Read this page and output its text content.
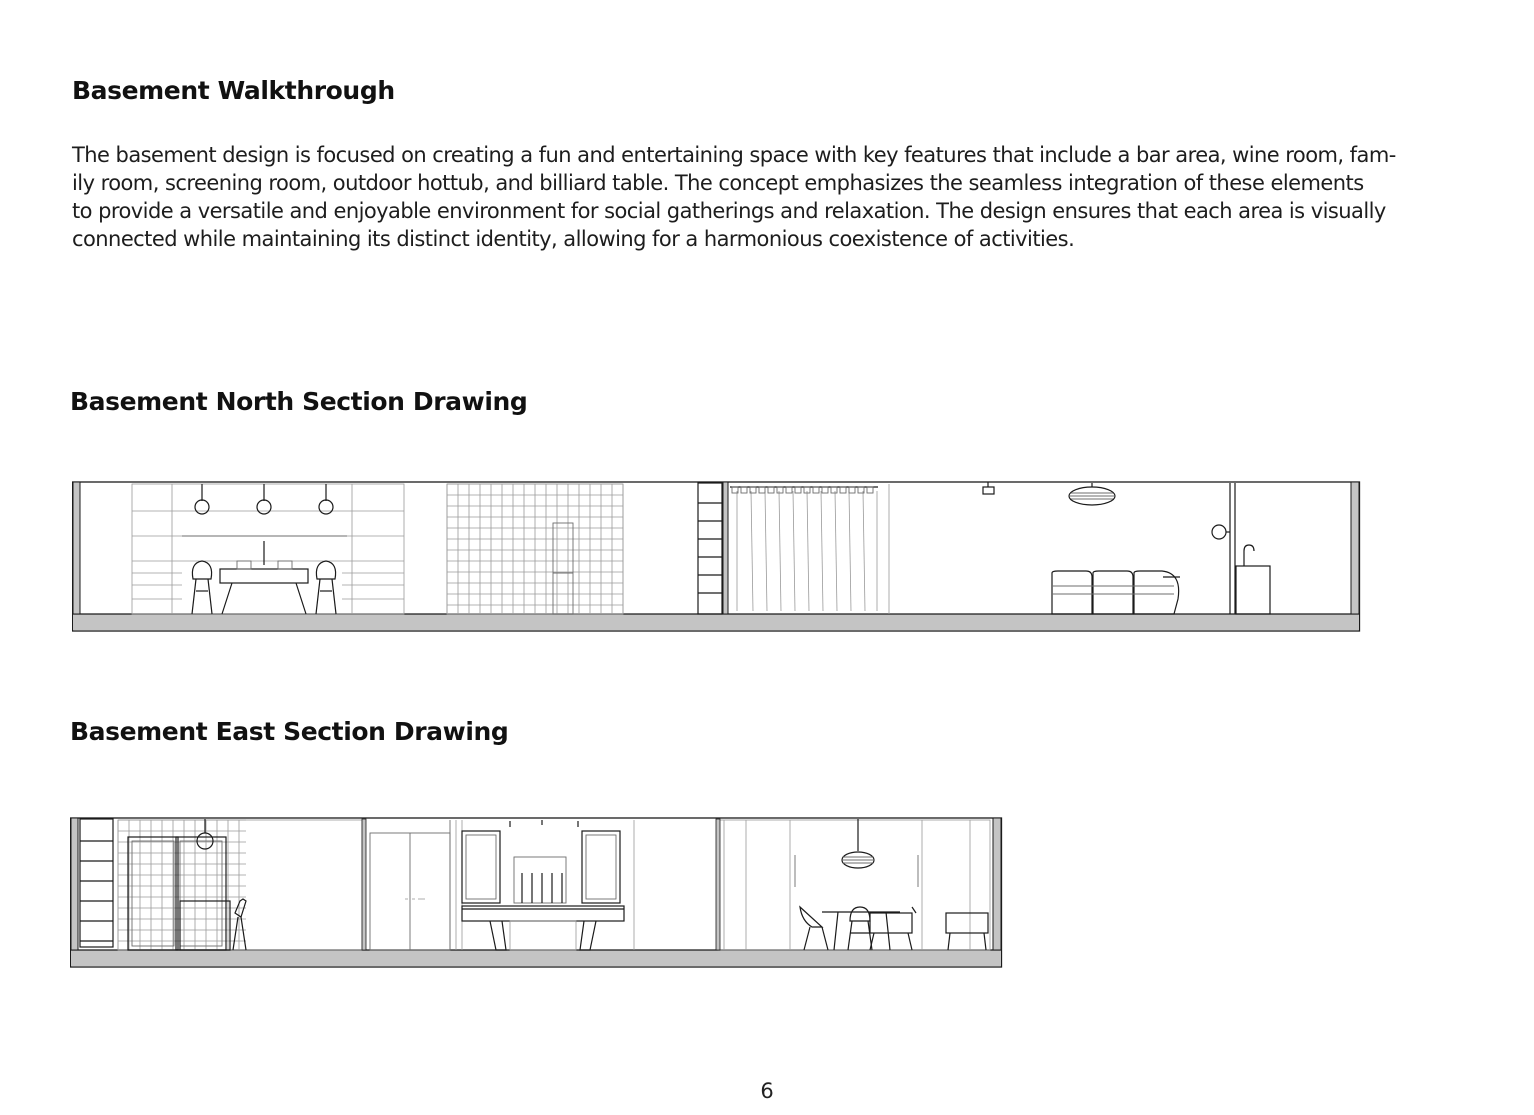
Basement Walkthrough

The basement design is focused on creating a fun and entertaining space with key features that include a bar area, wine room, fam-
ily room, screening room, outdoor hottub, and billiard table. The concept emphasizes the seamless integration of these elements
to provide a versatile and enjoyable environment for social gatherings and relaxation. The design ensures that each area is visually
connected while maintaining its distinct identity, allowing for a harmonious coexistence of activities.

Basement North Section Drawing
Basement East Section Drawing
6
